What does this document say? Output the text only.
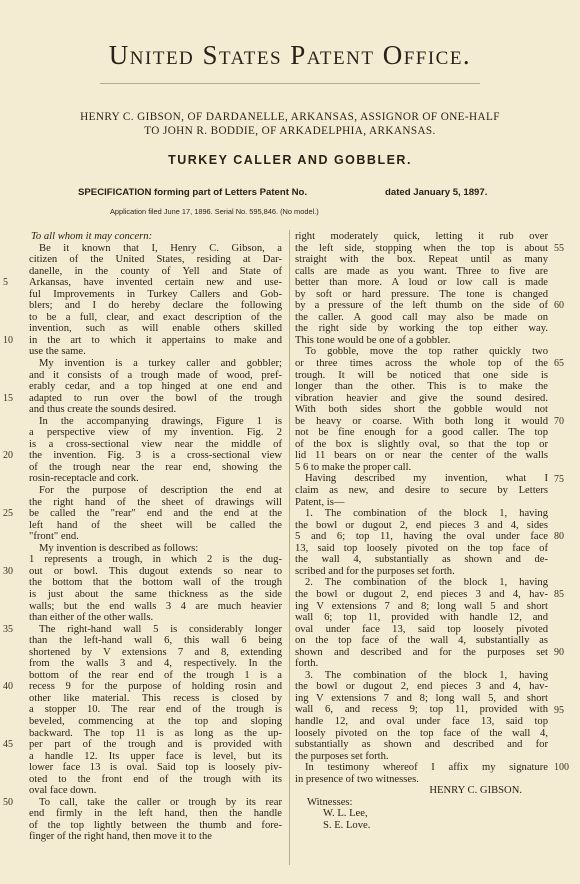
United States Patent Office.
HENRY C. GIBSON, OF DARDANELLE, ARKANSAS, ASSIGNOR OF ONE-HALF
TO JOHN R. BODDIE, OF ARKADELPHIA, ARKANSAS.
TURKEY CALLER AND GOBBLER.
SPECIFICATION forming part of Letters Patent No.	dated January 5, 1897.
Application filed June 17, 1896. Serial No. 595,846. (No model.)
To all whom it may concern:
Be it known that I, Henry C. Gibson, a
citizen of the United States, residing at Dar-
danelle, in the county of Yell and State of
Arkansas, have invented certain new and use-
ful Improvements in Turkey Callers and Gob-
blers; and I do hereby declare the following
to be a full, clear, and exact description of the
invention, such as will enable others skilled
in the art to which it appertains to make and
use the same.
My invention is a turkey caller and gobbler;
and it consists of a trough made of wood, pref-
erably cedar, and a top hinged at one end and
adapted to run over the bowl of the trough
and thus create the sounds desired.
In the accompanying drawings, Figure 1 is
a perspective view of my invention. Fig. 2
is a cross-sectional view near the middle of
the invention. Fig. 3 is a cross-sectional view
of the trough near the rear end, showing the
rosin-receptacle and cork.
For the purpose of description the end at
the right hand of the sheet of drawings will
be called the "rear" end and the end at the
left hand of the sheet will be called the
"front" end.
My invention is described as follows:
1 represents a trough, in which 2 is the dug-
out or bowl. This dugout extends so near to
the bottom that the bottom wall of the trough
is just about the same thickness as the side
walls; but the end walls 3 4 are much heavier
than either of the other walls.
The right-hand wall 5 is considerably longer
than the left-hand wall 6, this wall 6 being
shortened by V extensions 7 and 8, extending
from the walls 3 and 4, respectively. In the
bottom of the rear end of the trough 1 is a
recess 9 for the purpose of holding rosin and
other like material. This recess is closed by
a stopper 10. The rear end of the trough is
beveled, commencing at the top and sloping
backward. The top 11 is as long as the up-
per part of the trough and is provided with
a handle 12. Its upper face is level, but its
lower face 13 is oval. Said top is loosely piv-
oted to the front end of the trough with its
oval face down.
To call, take the caller or trough by its rear
end firmly in the left hand, then the handle
of the top lightly between the thumb and fore-
finger of the right hand, then move it to the
right moderately quick, letting it rub over
the left side, stopping when the top is about
straight with the box. Repeat until as many
calls are made as you want. Three to five are
better than more. A loud or low call is made
by soft or hard pressure. The tone is changed
by a pressure of the left thumb on the side of
the caller. A good call may also be made on
the right side by working the top either way.
This tone would be one of a gobbler.
To gobble, move the top rather quickly two
or three times across the whole top of the
trough. It will be noticed that one side is
longer than the other. This is to make the
vibration heavier and give the sound desired.
With both sides short the gobble would not
be heavy or coarse. With both long it would
not be fine enough for a good caller. The top
of the box is slightly oval, so that the top or
lid 11 bears on or near the center of the walls
5 6 to make the proper call.
Having described my invention, what I
claim as new, and desire to secure by Letters
Patent, is—
1. The combination of the block 1, having
the bowl or dugout 2, end pieces 3 and 4, sides
5 and 6; top 11, having the oval under face
13, said top loosely pivoted on the top face of
the wall 4, substantially as shown and de-
scribed and for the purposes set forth.
2. The combination of the block 1, having
the bowl or dugout 2, end pieces 3 and 4, hav-
ing V extensions 7 and 8; long wall 5 and short
wall 6; top 11, provided with handle 12, and
oval under face 13, said top loosely pivoted
on the top face of the wall 4, substantially as
shown and described and for the purposes set
forth.
3. The combination of the block 1, having
the bowl or dugout 2, end pieces 3 and 4, hav-
ing V extensions 7 and 8; long wall 5, and short
wall 6, and recess 9; top 11, provided with
handle 12, and oval under face 13, said top
loosely pivoted on the top face of the wall 4,
substantially as shown and described and for
the purposes set forth.
In testimony whereof I affix my signature
in presence of two witnesses.
HENRY C. GIBSON.
Witnesses:
W. L. Lee,
S. E. Love.
5
10
15
20
25
30
35
40
45
50
55
60
65
70
75
80
85
90
95
100
